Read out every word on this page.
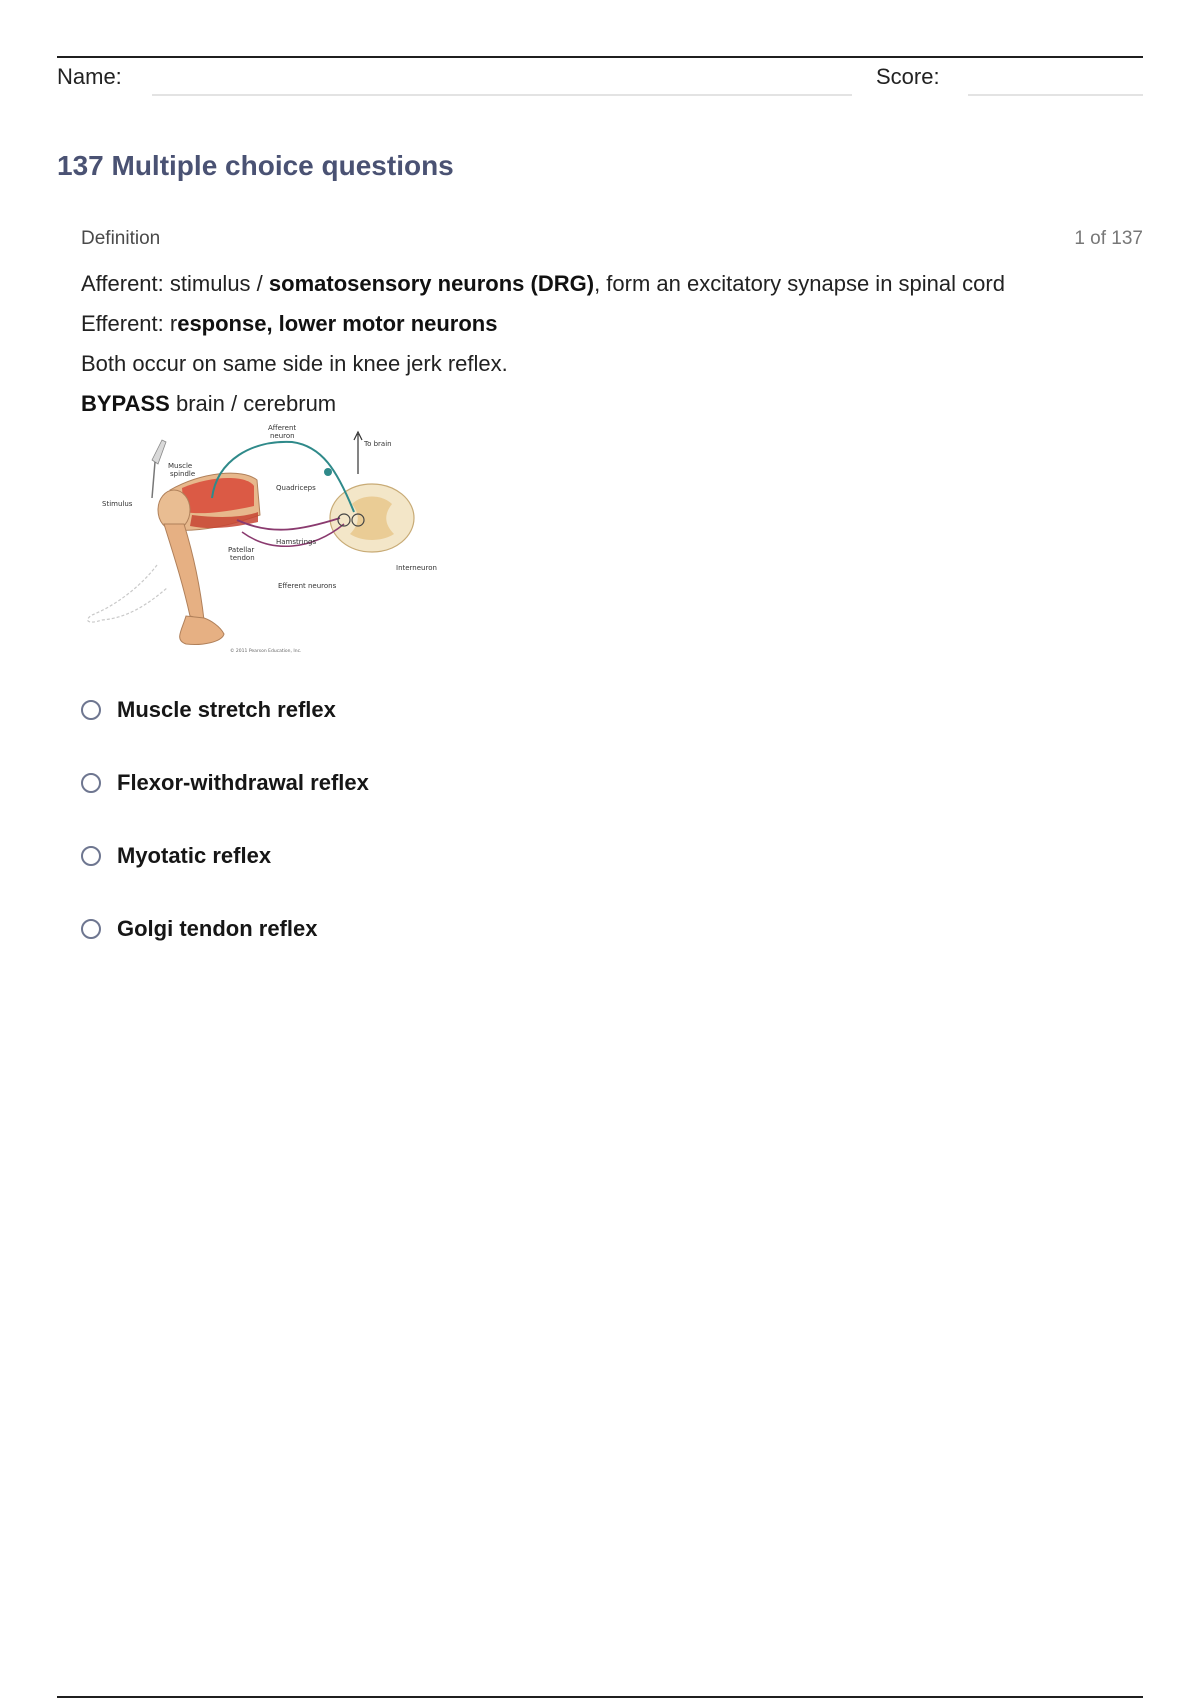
Name:	Score:
137 Multiple choice questions
Definition	1 of 137

Afferent: stimulus / somatosensory neurons (DRG), form an excitatory synapse in spinal cord

Efferent: response, lower motor neurons

Both occur on same side in knee jerk reflex.

BYPASS brain / cerebrum

Afferent
neuron
To brain
Muscle
spindle
Stimulus
Quadriceps
Hamstrings
Patellar
tendon
Interneuron
Efferent neurons
© 2011 Pearson Education, Inc.
Muscle stretch reflex
Flexor-withdrawal reflex
Myotatic reflex
Golgi tendon reflex
